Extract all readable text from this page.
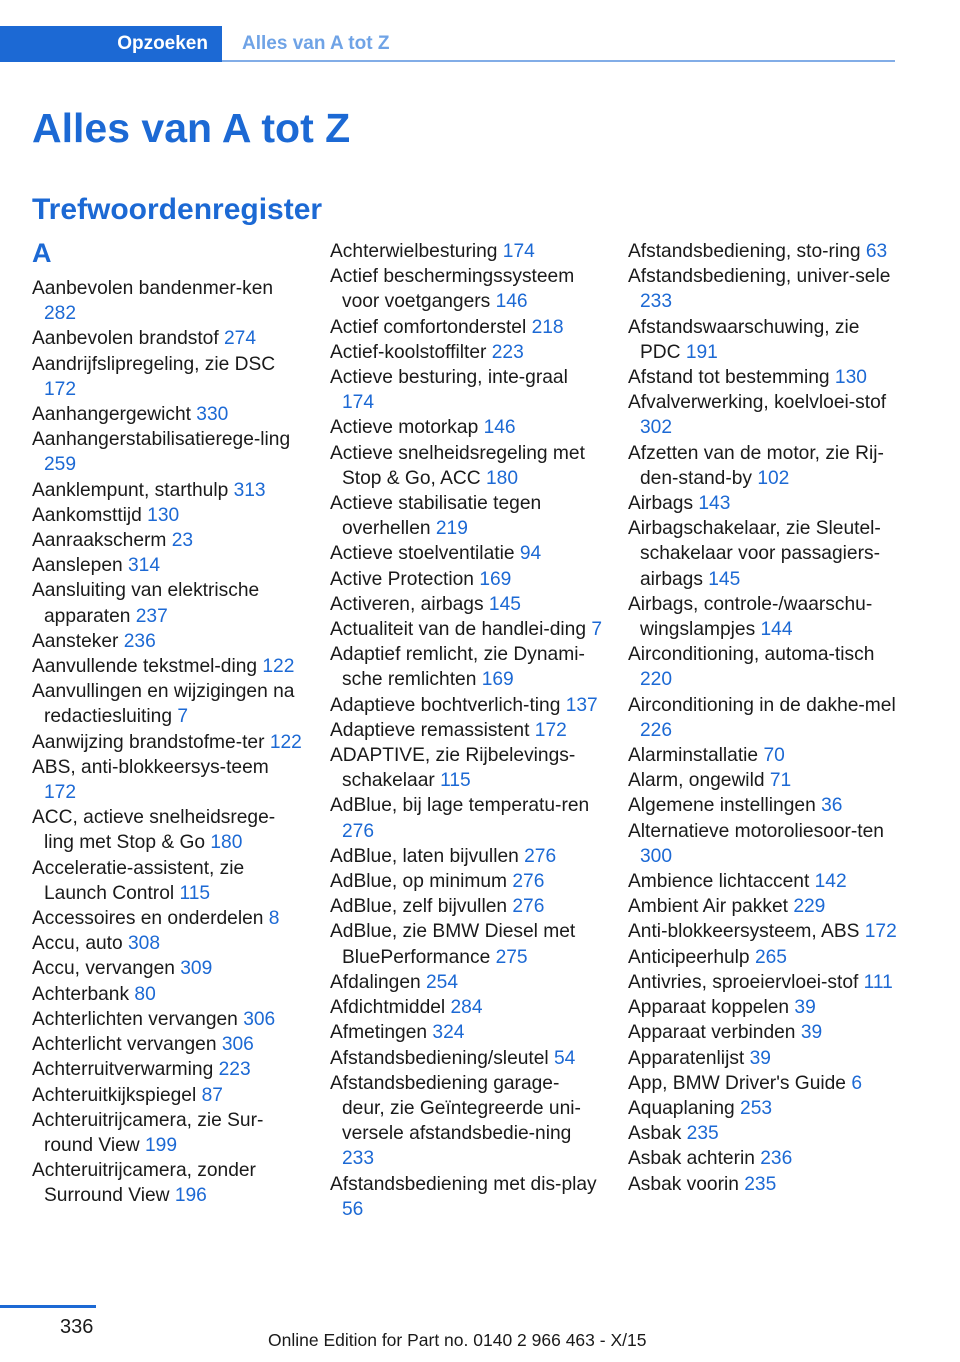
Opzoeken	Alles van A tot Z
Alles van A tot Z
Trefwoordenregister
A
Aanbevolen bandenmer-ken 282
Aanbevolen brandstof 274
Aandrijfslipregeling, zie DSC 172
Aanhangergewicht 330
Aanhangerstabilisatierege-ling 259
Aanklempunt, starthulp 313
Aankomsttijd 130
Aanraakscherm 23
Aanslepen 314
Aansluiting van elektrische apparaten 237
Aansteker 236
Aanvullende tekstmel-ding 122
Aanvullingen en wijzigingen na redactiesluiting 7
Aanwijzing brandstofme-ter 122
ABS, anti-blokkeersys-teem 172
ACC, actieve snelheidsrege-ling met Stop & Go 180
Acceleratie-assistent, zie Launch Control 115
Accessoires en onderdelen 8
Accu, auto 308
Accu, vervangen 309
Achterbank 80
Achterlichten vervangen 306
Achterlicht vervangen 306
Achterruitverwarming 223
Achteruitkijkspiegel 87
Achteruitrijcamera, zie Sur-round View 199
Achteruitrijcamera, zonder Surround View 196
Achterwielbesturing 174
Actief beschermingssysteem voor voetgangers 146
Actief comfortonderstel 218
Actief-koolstoffilter 223
Actieve besturing, inte-graal 174
Actieve motorkap 146
Actieve snelheidsregeling met Stop & Go, ACC 180
Actieve stabilisatie tegen overhellen 219
Actieve stoelventilatie 94
Active Protection 169
Activeren, airbags 145
Actualiteit van de handlei-ding 7
Adaptief remlicht, zie Dynami-sche remlichten 169
Adaptieve bochtverlich-ting 137
Adaptieve remassistent 172
ADAPTIVE, zie Rijbelevings-schakelaar 115
AdBlue, bij lage temperatu-ren 276
AdBlue, laten bijvullen 276
AdBlue, op minimum 276
AdBlue, zelf bijvullen 276
AdBlue, zie BMW Diesel met BluePerformance 275
Afdalingen 254
Afdichtmiddel 284
Afmetingen 324
Afstandsbediening/sleutel 54
Afstandsbediening garage-deur, zie Geïntegreerde uni-versele afstandsbedie-ning 233
Afstandsbediening met dis-play 56
Afstandsbediening, sto-ring 63
Afstandsbediening, univer-sele 233
Afstandswaarschuwing, zie PDC 191
Afstand tot bestemming 130
Afvalverwerking, koelvloei-stof 302
Afzetten van de motor, zie Rij-den-stand-by 102
Airbags 143
Airbagschakelaar, zie Sleutel-schakelaar voor passagiers-airbags 145
Airbags, controle-/waarschu-wingslampjes 144
Airconditioning, automa-tisch 220
Airconditioning in de dakhe-mel 226
Alarminstallatie 70
Alarm, ongewild 71
Algemene instellingen 36
Alternatieve motoroliesoor-ten 300
Ambience lichtaccent 142
Ambient Air pakket 229
Anti-blokkeersysteem, ABS 172
Anticipeerhulp 265
Antivries, sproeiervloei-stof 111
Apparaat koppelen 39
Apparaat verbinden 39
Apparatenlijst 39
App, BMW Driver's Guide 6
Aquaplaning 253
Asbak 235
Asbak achterin 236
Asbak voorin 235
336
Online Edition for Part no. 0140 2 966 463 - X/15
